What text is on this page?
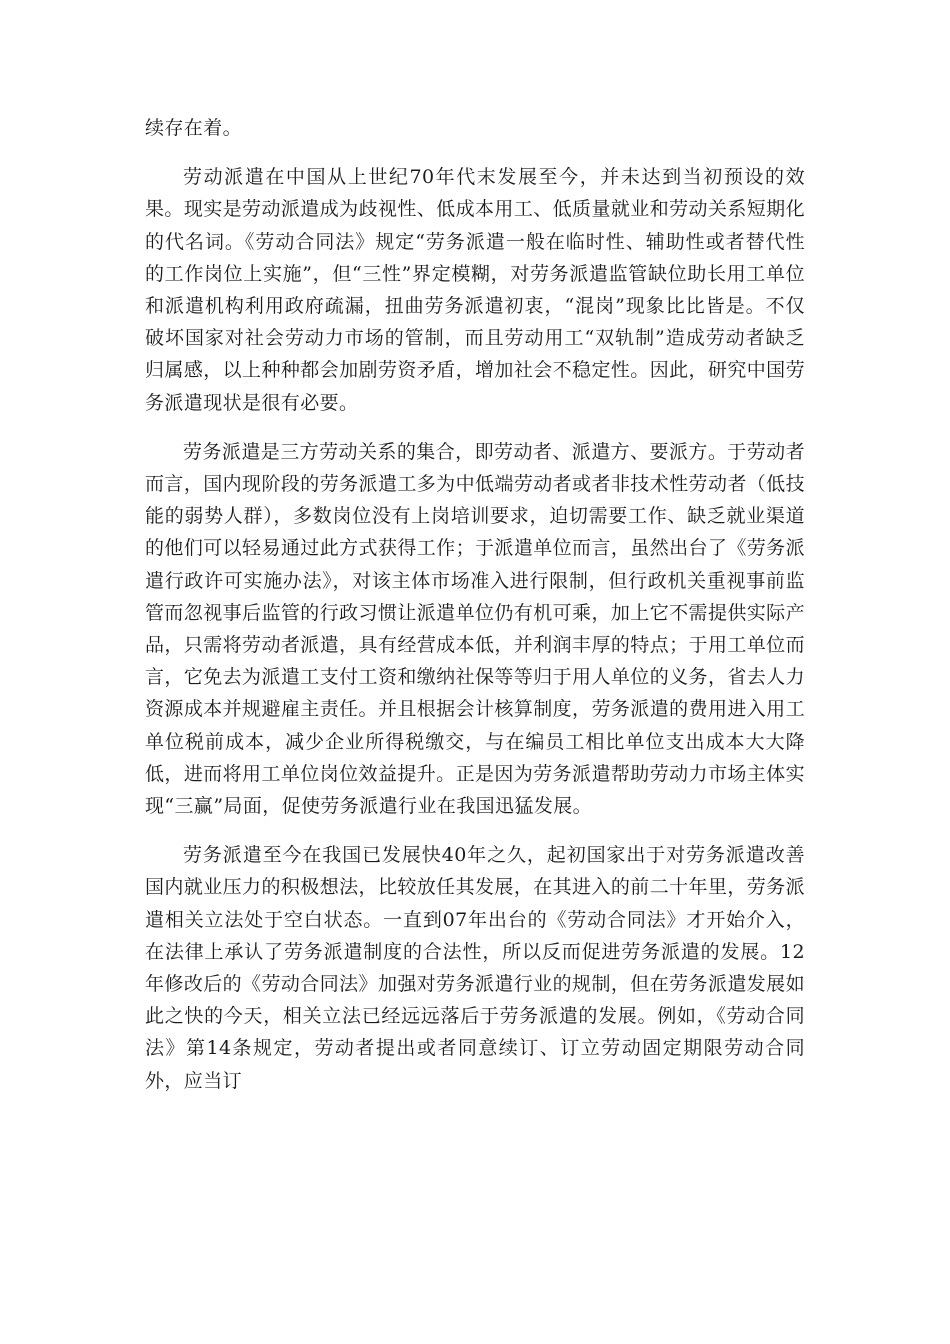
续存在着。

劳动派遣在中国从上世纪70年代末发展至今，并未达到当初预设的效果。现实是劳动派遣成为歧视性、低成本用工、低质量就业和劳动关系短期化的代名词。《劳动合同法》规定“劳务派遣一般在临时性、辅助性或者替代性的工作岗位上实施”，但“三性”界定模糊，对劳务派遣监管缺位助长用工单位和派遣机构利用政府疏漏，扭曲劳务派遣初衷，“混岗”现象比比皆是。不仅破坏国家对社会劳动力市场的管制，而且劳动用工“双轨制”造成劳动者缺乏归属感，以上种种都会加剧劳资矛盾，增加社会不稳定性。因此，研究中国劳务派遣现状是很有必要。

劳务派遣是三方劳动关系的集合，即劳动者、派遣方、要派方。于劳动者而言，国内现阶段的劳务派遣工多为中低端劳动者或者非技术性劳动者（低技能的弱势人群），多数岗位没有上岗培训要求，迫切需要工作、缺乏就业渠道的他们可以轻易通过此方式获得工作；于派遣单位而言，虽然出台了《劳务派遣行政许可实施办法》，对该主体市场准入进行限制，但行政机关重视事前监管而忽视事后监管的行政习惯让派遣单位仍有机可乘，加上它不需提供实际产品，只需将劳动者派遣，具有经营成本低，并利润丰厚的特点；于用工单位而言，它免去为派遣工支付工资和缴纳社保等等归于用人单位的义务，省去人力资源成本并规避雇主责任。并且根据会计核算制度，劳务派遣的费用进入用工单位税前成本，减少企业所得税缴交，与在编员工相比单位支出成本大大降低，进而将用工单位岗位效益提升。正是因为劳务派遣帮助劳动力市场主体实现“三赢”局面，促使劳务派遣行业在我国迅猛发展。

劳务派遣至今在我国已发展快40年之久，起初国家出于对劳务派遣改善国内就业压力的积极想法，比较放任其发展，在其进入的前二十年里，劳务派遣相关立法处于空白状态。一直到07年出台的《劳动合同法》才开始介入，在法律上承认了劳务派遣制度的合法性，所以反而促进劳务派遣的发展。12年修改后的《劳动合同法》加强对劳务派遣行业的规制，但在劳务派遣发展如此之快的今天，相关立法已经远远落后于劳务派遣的发展。例如，《劳动合同法》第14条规定，劳动者提出或者同意续订、订立劳动固定期限劳动合同外，应当订
